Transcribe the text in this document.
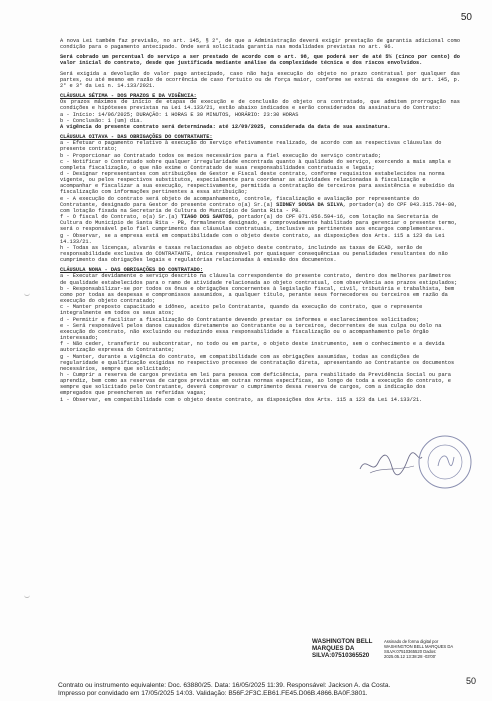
50

A nova Lei também faz previsão, no art. 145, § 2°, de que a Administração deverá exigir prestação de garantia adicional como condição para o pagamento antecipado. Onde será solicitada garantia nas modalidades previstas no art. 96.

Será cobrado um percentual do serviço a ser prestado de acordo com o art. 98, que poderá ser de até 5% (cinco por cento) do valor inicial do contrato, desde que justificada mediante análise da complexidade técnica e dos riscos envolvidos.

Será exigida a devolução do valor pago antecipado, caso não haja execução do objeto no prazo contratual por qualquer das partes, ou até mesmo em razão de ocorrência de caso fortuito ou de força maior, conforme se extrai da exegese do art. 145, p. 2° e 3° da Lei n. 14.133/2021.

CLÁUSULA SÉTIMA - DOS PRAZOS E DA VIGÊNCIA:

Os prazos máximos de início de etapas de execução e de conclusão do objeto ora contratado, que admitem prorrogação nas condições e hipóteses previstas na Lei 14.133/21, estão abaixo indicados e serão considerados da assinatura do Contrato:

a - Início: 14/06/2025; DURAÇÃO: 1 HORAS E 30 MINUTOS, HORÁRIO: 23:30 HORAS
b - Conclusão: 1 (um) dia.
A vigência do presente contrato será determinada: até 12/09/2025, considerada da data de sua assinatura.
CLÁUSULA OITAVA - DAS OBRIGAÇÕES DO CONTRATANTE:
a - Efetuar o pagamento relativo à execução do serviço efetivamente realizado, de acordo com as respectivas cláusulas do presente contrato;
b - Proporcionar ao Contratado todos os meios necessários para a fiel execução do serviço contratado;
c - Notificar o Contratado sobre qualquer irregularidade encontrada quanto à qualidade do serviço, exercendo a mais ampla e completa fiscalização, o que não exime o Contratado de suas responsabilidades contratuais e legais;
d - Designar representantes com atribuições de Gestor e Fiscal deste contrato, conforme requisitos estabelecidos na norma vigente, ou pelos respectivos substitutos, especialmente para coordenar as atividades relacionadas à fiscalização e acompanhar e fiscalizar a sua execução, respectivamente, permitida a contratação de terceiros para assistência e subsídio da fiscalização com informações pertinentes a essa atribuição;
e - A execução do contrato será objeto de acompanhamento, controle, fiscalização e avaliação por representante do Contratante, designado para Gestor do presente contrato o(a) Sr.(a) SIDNEY SOUSA DA SILVA, portador(a) do CPF 043.315.764-00, com lotação fixada na Secretaria de Cultura do Município de Santa Rita - PB.
f - O fiscal do Contrato, o(a) Sr.(a) TIAGO DOS SANTOS, portador(a) do CPF 071.056.594-16, com lotação na Secretaria de Cultura do Município de Santa Rita - PB, formalmente designado, e comprovadamente habilitado para gerenciar o presente termo, será o responsável pelo fiel cumprimento das cláusulas contratuais, inclusive as pertinentes aos encargos complementares.
g - Observar, se a empresa está em compatibilidade com o objeto deste contrato, as disposições dos Arts. 115 a 123 da Lei 14.133/21.
h - Todas as licenças, alvarás e taxas relacionadas ao objeto deste contrato, incluindo as taxas de ECAD, serão de responsabilidade exclusiva do CONTRATANTE, única responsável por quaisquer consequências ou penalidades resultantes do não cumprimento das obrigações legais e regulatórias relacionadas à emissão dos documentos.
CLÁUSULA NONA - DAS OBRIGAÇÕES DO CONTRATADO:
a - Executar devidamente o serviço descrito na cláusula correspondente do presente contrato, dentro dos melhores parâmetros de qualidade estabelecidos para o ramo de atividade relacionada ao objeto contratual, com observância aos prazos estipulados;
b - Responsabilizar-se por todos os ônus e obrigações concernentes à legislação fiscal, civil, tributária e trabalhista, bem como por todas as despesas e compromissos assumidos, a qualquer título, perante seus fornecedores ou terceiros em razão da execução do objeto contratado;
c - Manter preposto capacitado e idôneo, aceito pelo Contratante, quando da execução do contrato, que o represente integralmente em todos os seus atos;
d - Permitir e facilitar a fiscalização do Contratante devendo prestar os informes e esclarecimentos solicitados;
e - Será responsável pelos danos causados diretamente ao Contratante ou a terceiros, decorrentes de sua culpa ou dolo na execução do contrato, não excluindo ou reduzindo essa responsabilidade a fiscalização ou o acompanhamento pelo órgão interessado;
f - Não ceder, transferir ou subcontratar, no todo ou em parte, o objeto deste instrumento, sem o conhecimento e a devida autorização expressa do Contratante;
g - Manter, durante a vigência do contrato, em compatibilidade com as obrigações assumidas, todas as condições de regularidade e qualificação exigidas no respectivo processo de contratação direta, apresentando ao Contratante os documentos necessários, sempre que solicitado;
h - Cumprir a reserva de cargos prevista em lei para pessoa com deficiência, para reabilitado da Previdência Social ou para aprendiz, bem como as reservas de cargos previstas em outras normas específicas, ao longo de toda a execução do contrato, e sempre que solicitado pelo Contratante, deverá comprovar o cumprimento dessa reserva de cargos, com a indicação dos empregados que preencherem as referidas vagas;
i - Observar, em compatibilidade com o objeto deste contrato, as disposições dos Arts. 115 a 123 da Lei 14.133/21.
WASHINGTON BELL MARQUES DA SILVA:07510365520
Assinado de forma digital por WASHINGTON BELL MARQUES DA SILVA:07510365520 Dados: 2025.05.12 13:38:28 -03'00'
50
Contrato ou instrumento equivalente: Doc. 63880/25. Data: 16/05/2025 11:39. Responsável: Jackson A. da Costa.
Impresso por convidado em 17/05/2025 14:03. Validação: B56F.2F3C.EB61.FE45.D06B.4866.BA0F.3801.
